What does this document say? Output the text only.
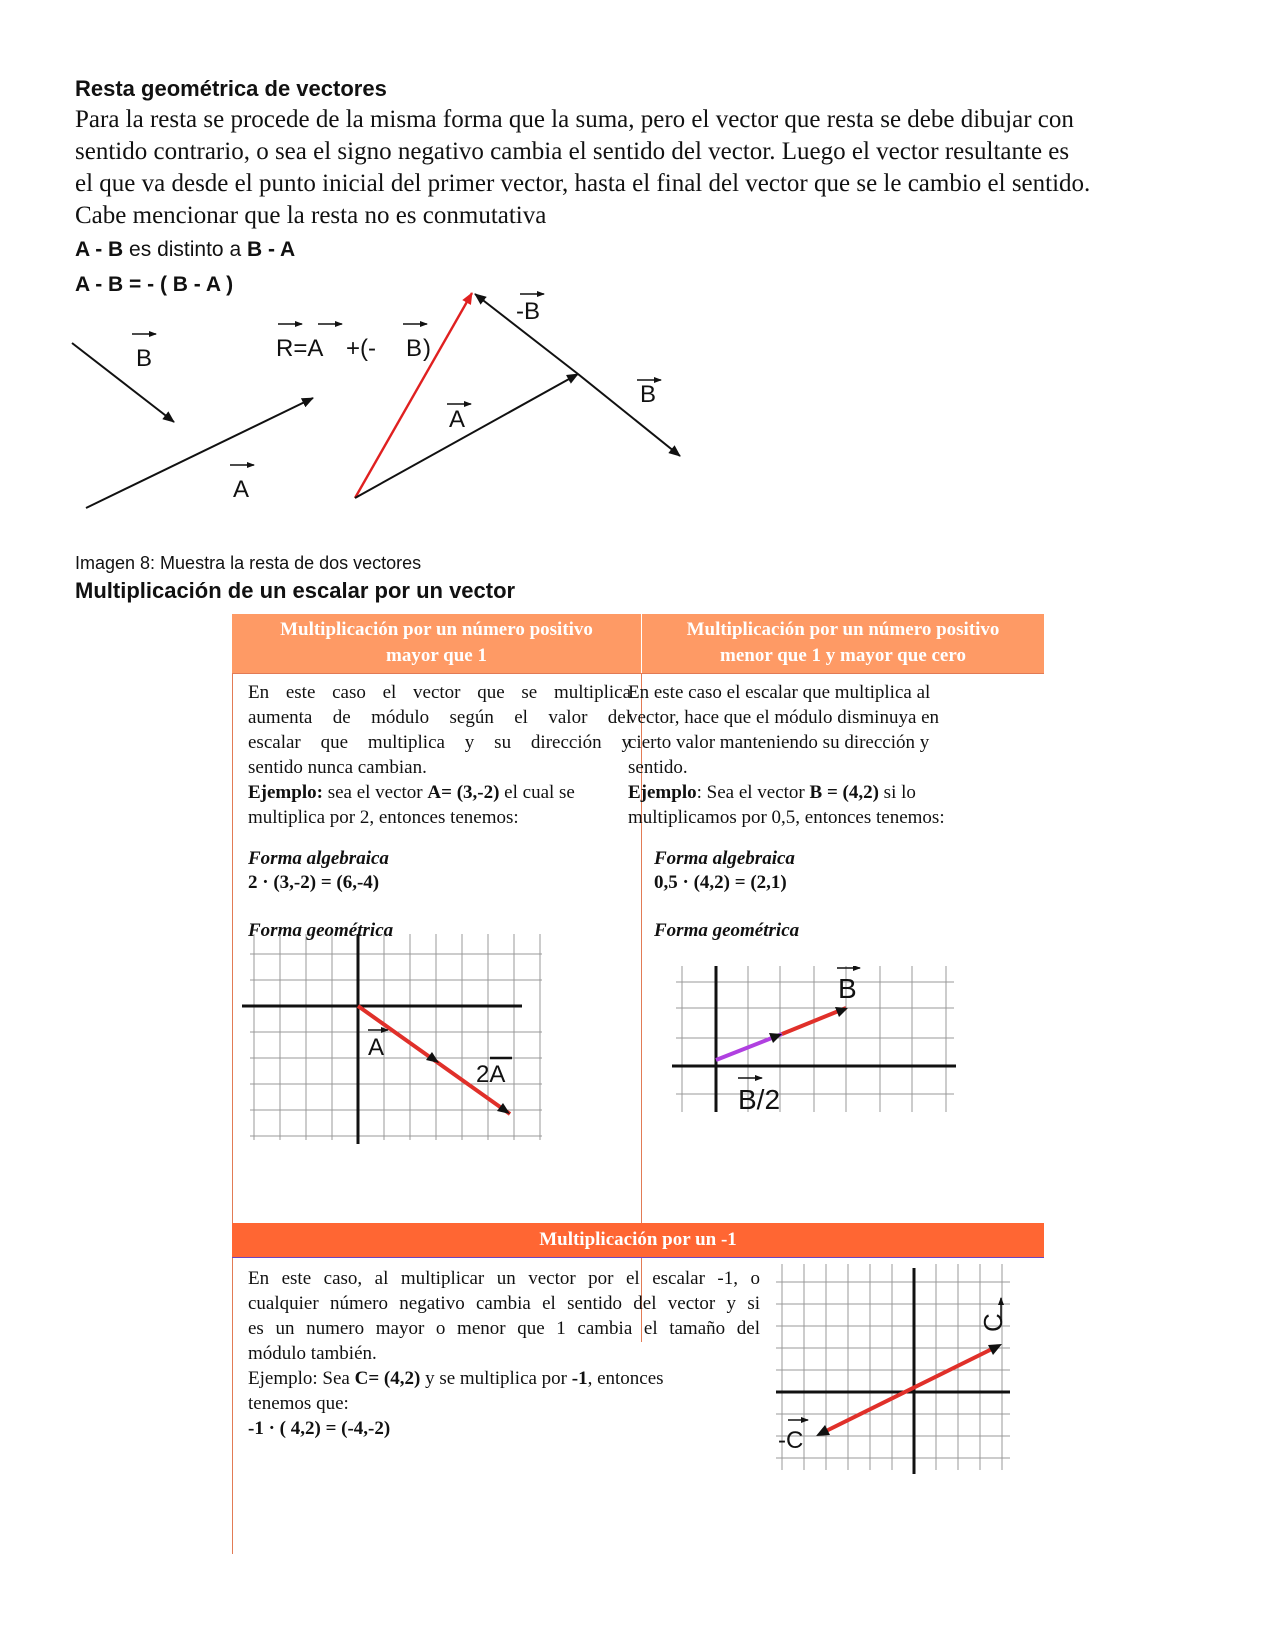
Resta geométrica de vectores
Para la resta se procede de la misma forma que la suma, pero el vector que resta se debe dibujar con
sentido contrario, o sea el signo negativo cambia el sentido del vector. Luego el vector resultante es
el que va desde el punto inicial del primer vector, hasta el final del vector que se le cambio el sentido.
Cabe mencionar que la resta no es conmutativa
A - B es distinto a B - A
A - B = - ( B - A )
B
A
R=A +(- B )
A
-B
B
Imagen 8: Muestra la resta de dos vectores
Multiplicación de un escalar por un vector
Multiplicación por un número positivo
mayor que 1
Multiplicación por un número positivo
menor que 1 y mayor que cero
En este caso el vector que se multiplica
aumenta de módulo según el valor del
escalar que multiplica y su dirección y
sentido nunca cambian.
Ejemplo: sea el vector A= (3,-2) el cual se
multiplica por 2, entonces tenemos:
Forma algebraica
2 · (3,-2) = (6,-4)
Forma geométrica
A
2A
En este caso el escalar que multiplica al
vector, hace que el módulo disminuya en
cierto valor manteniendo su dirección y
sentido.
Ejemplo: Sea el vector B = (4,2) si lo
multiplicamos por 0,5, entonces tenemos:
Forma algebraica
0,5 · (4,2) = (2,1)
Forma geométrica
B
B/2
Multiplicación por un -1
En este caso, al multiplicar un vector por el escalar -1, o
cualquier número negativo cambia el sentido del vector y si
es un numero mayor o menor que 1 cambia el tamaño del
módulo también.
Ejemplo: Sea C= (4,2) y se multiplica por -1, entonces
tenemos que:
-1 · ( 4,2) = (-4,-2)
C
-C
